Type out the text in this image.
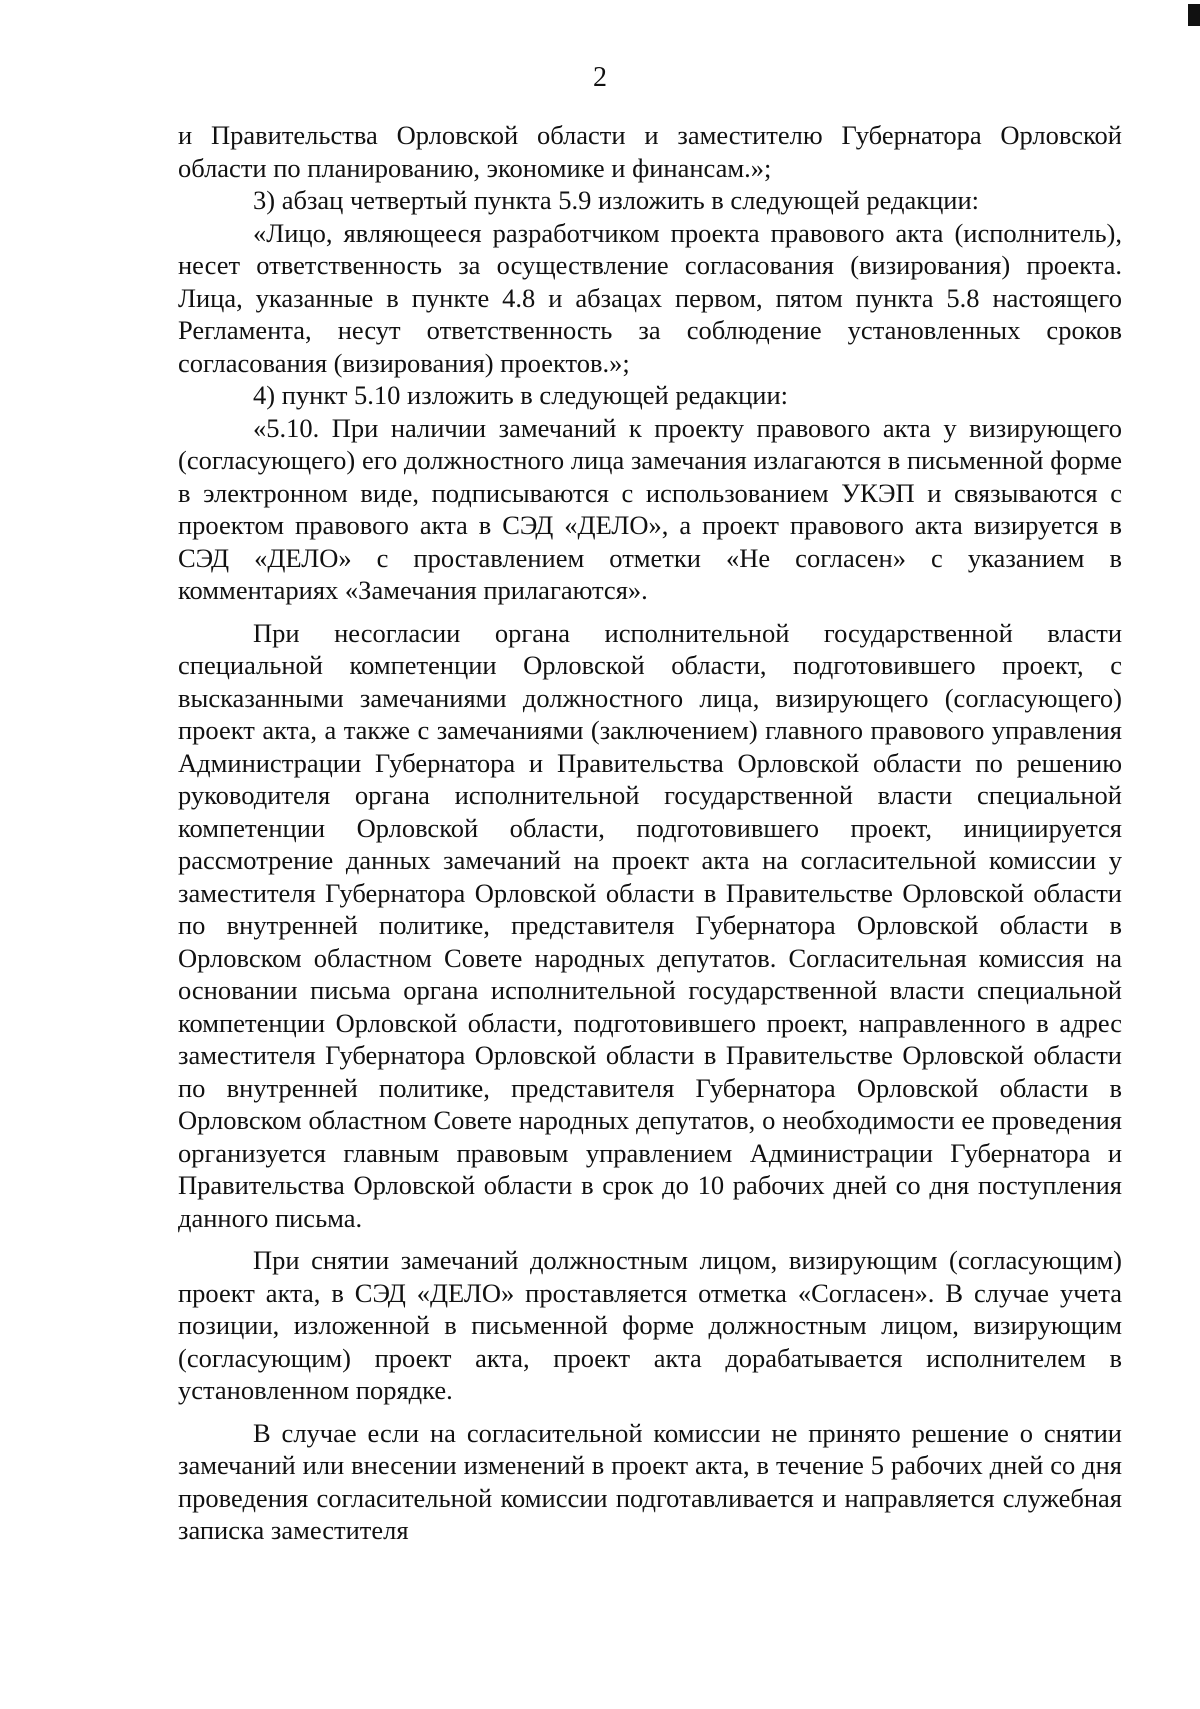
2

и Правительства Орловской области и заместителю Губернатора Орловской области по планированию, экономике и финансам.»;

3) абзац четвертый пункта 5.9 изложить в следующей редакции:

«Лицо, являющееся разработчиком проекта правового акта (исполнитель), несет ответственность за осуществление согласования (визирования) проекта. Лица, указанные в пункте 4.8 и абзацах первом, пятом пункта 5.8 настоящего Регламента, несут ответственность за соблюдение установленных сроков согласования (визирования) проектов.»;

4) пункт 5.10 изложить в следующей редакции:

«5.10. При наличии замечаний к проекту правового акта у визирующего (согласующего) его должностного лица замечания излагаются в письменной форме в электронном виде, подписываются с использованием УКЭП и связываются с проектом правового акта в СЭД «ДЕЛО», а проект правового акта визируется в СЭД «ДЕЛО» с проставлением отметки «Не согласен» с указанием в комментариях «Замечания прилагаются».

При несогласии органа исполнительной государственной власти специальной компетенции Орловской области, подготовившего проект, с высказанными замечаниями должностного лица, визирующего (согласующего) проект акта, а также с замечаниями (заключением) главного правового управления Администрации Губернатора и Правительства Орловской области по решению руководителя органа исполнительной государственной власти специальной компетенции Орловской области, подготовившего проект, инициируется рассмотрение данных замечаний на проект акта на согласительной комиссии у заместителя Губернатора Орловской области в Правительстве Орловской области по внутренней политике, представителя Губернатора Орловской области в Орловском областном Совете народных депутатов. Согласительная комиссия на основании письма органа исполнительной государственной власти специальной компетенции Орловской области, подготовившего проект, направленного в адрес заместителя Губернатора Орловской области в Правительстве Орловской области по внутренней политике, представителя Губернатора Орловской области в Орловском областном Совете народных депутатов, о необходимости ее проведения организуется главным правовым управлением Администрации Губернатора и Правительства Орловской области в срок до 10 рабочих дней со дня поступления данного письма.

При снятии замечаний должностным лицом, визирующим (согласующим) проект акта, в СЭД «ДЕЛО» проставляется отметка «Согласен». В случае учета позиции, изложенной в письменной форме должностным лицом, визирующим (согласующим) проект акта, проект акта дорабатывается исполнителем в установленном порядке.

В случае если на согласительной комиссии не принято решение о снятии замечаний или внесении изменений в проект акта, в течение 5 рабочих дней со дня проведения согласительной комиссии подготавливается и направляется служебная записка заместителя
